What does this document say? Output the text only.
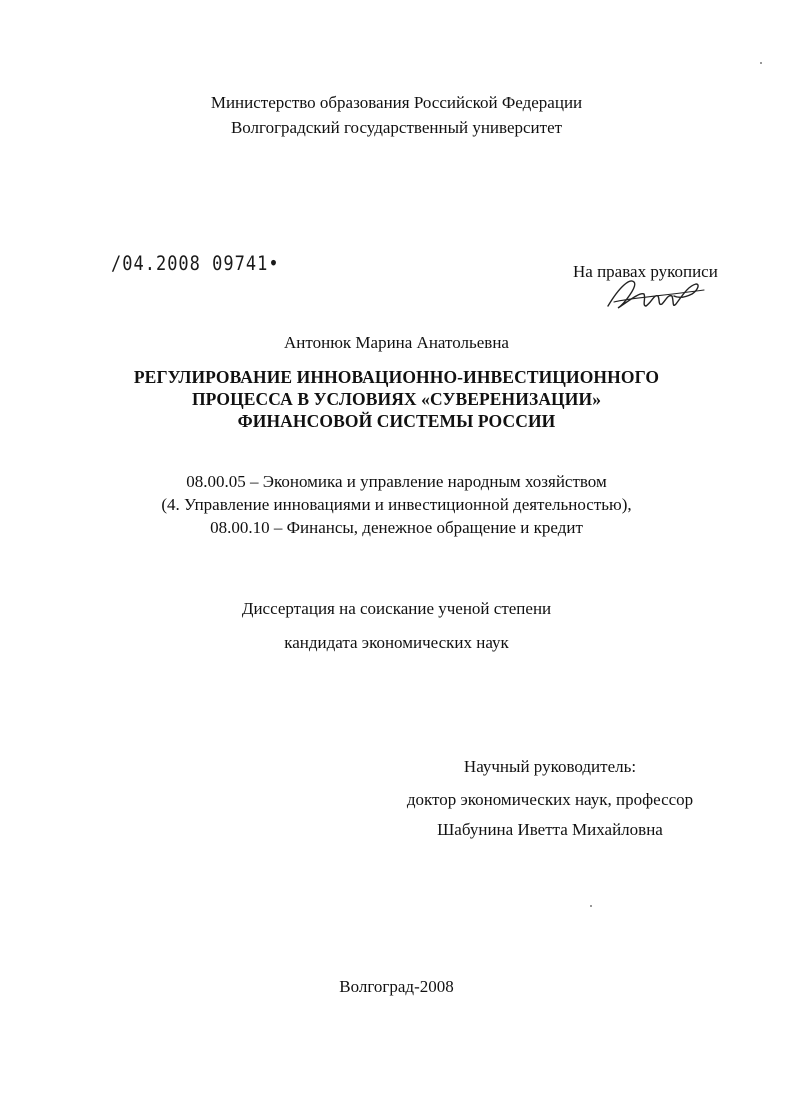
Министерство образования Российской Федерации
Волгоградский государственный университет
/04.2008 09741•	На правах рукописи
Антонюк Марина Анатольевна
РЕГУЛИРОВАНИЕ ИННОВАЦИОННО-ИНВЕСТИЦИОННОГО
ПРОЦЕССА В УСЛОВИЯХ «СУВЕРЕНИЗАЦИИ»
ФИНАНСОВОЙ СИСТЕМЫ РОССИИ
08.00.05 – Экономика и управление народным хозяйством
(4. Управление инновациями и инвестиционной деятельностью),
08.00.10 – Финансы, денежное обращение и кредит
Диссертация на соискание ученой степени
кандидата экономических наук
Научный руководитель:
доктор экономических наук, профессор
Шабунина Иветта Михайловна
Волгоград-2008
